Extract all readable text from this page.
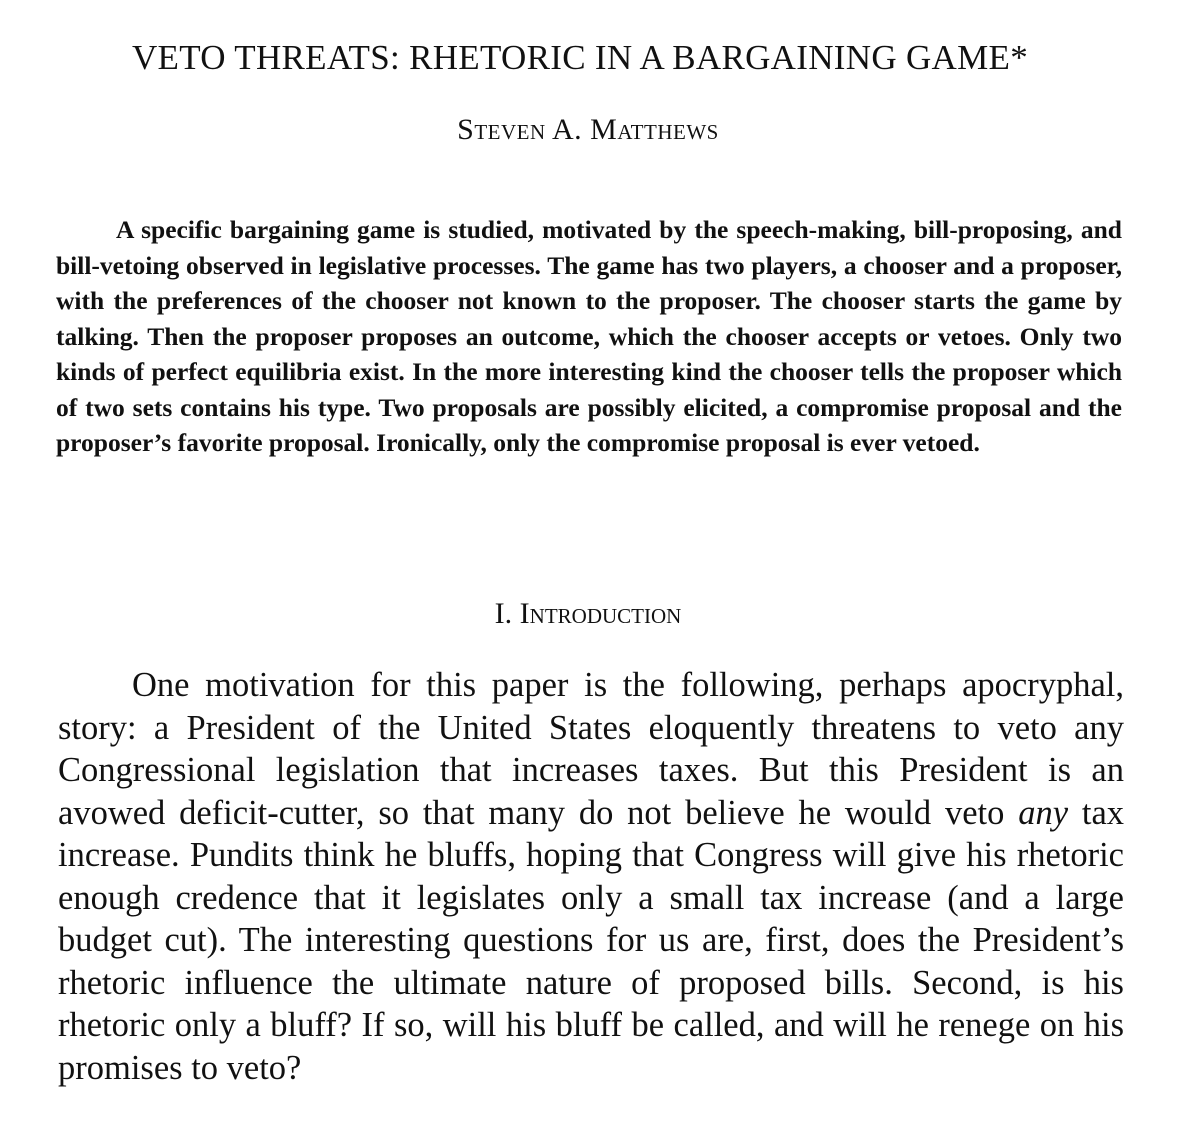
VETO THREATS: RHETORIC IN A BARGAINING GAME*
Steven A. Matthews

A specific bargaining game is studied, motivated by the speech-making, bill-proposing, and bill-vetoing observed in legislative processes. The game has two players, a chooser and a proposer, with the preferences of the chooser not known to the proposer. The chooser starts the game by talking. Then the proposer proposes an outcome, which the chooser accepts or vetoes. Only two kinds of perfect equilibria exist. In the more interesting kind the chooser tells the proposer which of two sets contains his type. Two proposals are possibly elicited, a compromise proposal and the proposer’s favorite proposal. Ironically, only the compromise proposal is ever vetoed.

I. Introduction

One motivation for this paper is the following, perhaps apocryphal, story: a President of the United States eloquently threatens to veto any Congressional legislation that increases taxes. But this President is an avowed deficit-cutter, so that many do not believe he would veto any tax increase. Pundits think he bluffs, hoping that Congress will give his rhetoric enough credence that it legislates only a small tax increase (and a large budget cut). The interesting questions for us are, first, does the President’s rhetoric influence the ultimate nature of proposed bills. Second, is his rhetoric only a bluff? If so, will his bluff be called, and will he renege on his promises to veto?
